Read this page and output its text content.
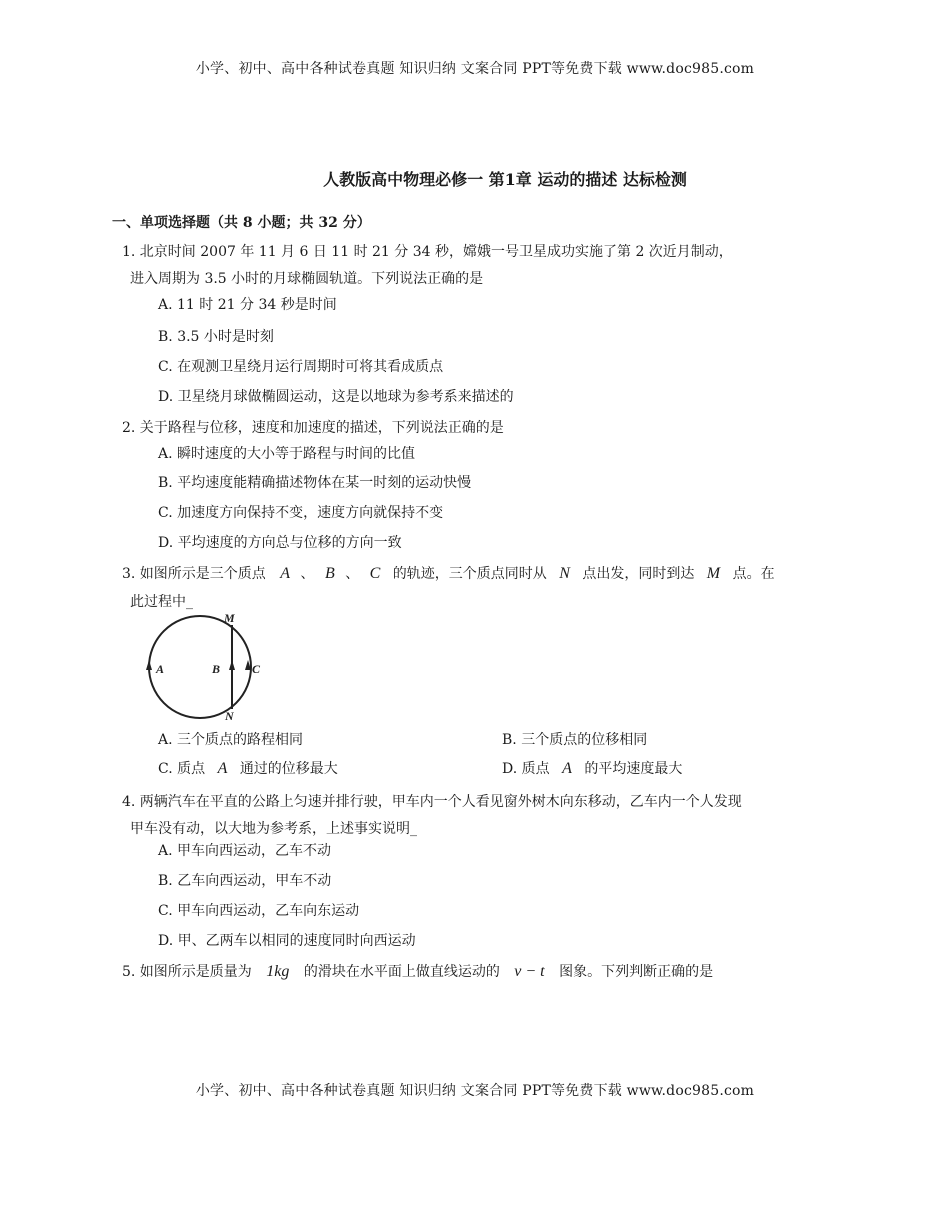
小学、初中、高中各种试卷真题 知识归纳 文案合同 PPT等免费下载 www.doc985.com
人教版高中物理必修一 第1章 运动的描述 达标检测
一、单项选择题（共 8 小题；共 32 分）
1. 北京时间 2007 年 11 月 6 日 11 时 21 分 34 秒，嫦娥一号卫星成功实施了第 2 次近月制动，
进入周期为 3.5 小时的月球椭圆轨道。下列说法正确的是
A. 11 时 21 分 34 秒是时间
B. 3.5 小时是时刻
C. 在观测卫星绕月运行周期时可将其看成质点
D. 卫星绕月球做椭圆运动，这是以地球为参考系来描述的
2. 关于路程与位移，速度和加速度的描述，下列说法正确的是
A. 瞬时速度的大小等于路程与时间的比值
B. 平均速度能精确描述物体在某一时刻的运动快慢
C. 加速度方向保持不变，速度方向就保持不变
D. 平均速度的方向总与位移的方向一致
3. 如图所示是三个质点 A 、 B 、 C 的轨迹，三个质点同时从 N 点出发，同时到达 M 点。在
此过程中_
M
N
A	B	C
A. 三个质点的路程相同	B. 三个质点的位移相同
C. 质点 A 通过的位移最大	D. 质点 A 的平均速度最大
4. 两辆汽车在平直的公路上匀速并排行驶，甲车内一个人看见窗外树木向东移动，乙车内一个人发现
甲车没有动，以大地为参考系，上述事实说明_
A. 甲车向西运动，乙车不动
B. 乙车向西运动，甲车不动
C. 甲车向西运动，乙车向东运动
D. 甲、乙两车以相同的速度同时向西运动
5. 如图所示是质量为 1kg 的滑块在水平面上做直线运动的 v − t 图象。下列判断正确的是
小学、初中、高中各种试卷真题 知识归纳 文案合同 PPT等免费下载 www.doc985.com
